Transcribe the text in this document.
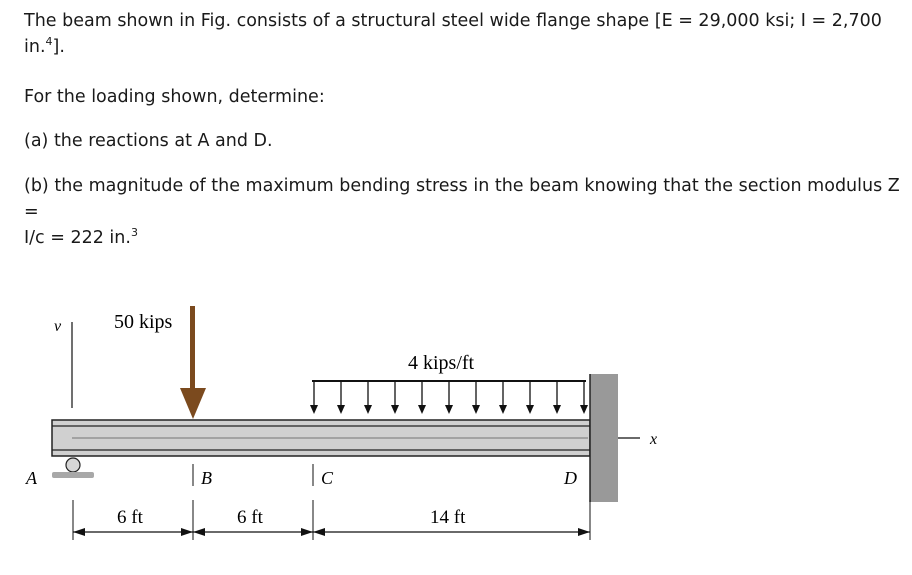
The beam shown in Fig. consists of a structural steel wide flange shape [E = 29,000 ksi; I = 2,700
in.$^4$].

For the loading shown, determine:

(a) the reactions at A and D.

(b) the magnitude of the maximum bending stress in the beam knowing that the section modulus Z =
I/c = 222 in.$^3$

v	50 kips
4 kips/ft
x
A	B	C	D
6 ft	6 ft	14 ft
